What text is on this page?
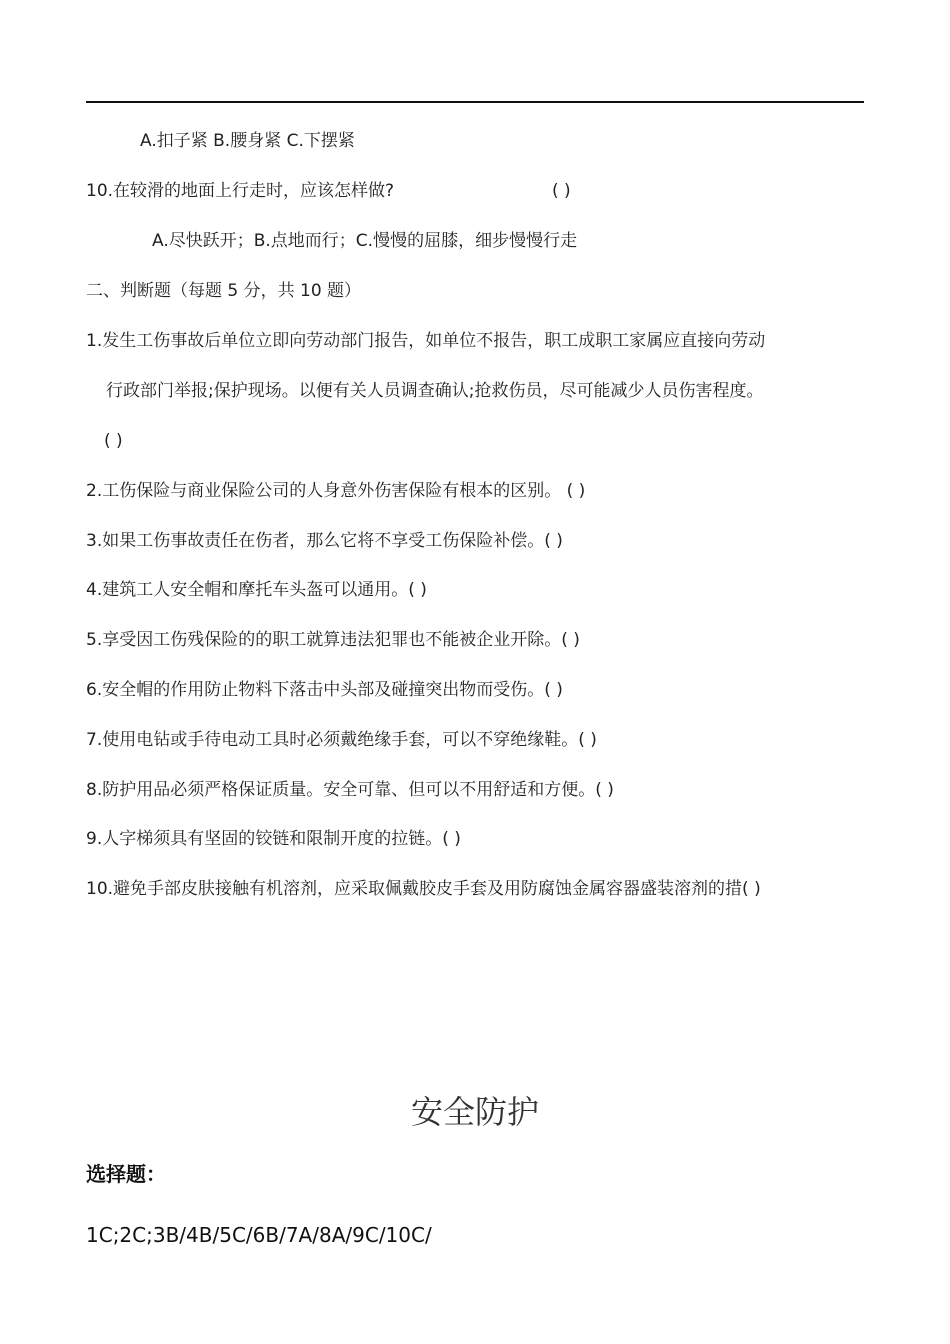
A.扣子紧 B.腰身紧 C.下摆紧
10.在较滑的地面上行走时，应该怎样做?	( )
A.尽快跃开；B.点地而行；C.慢慢的屈膝，细步慢慢行走
二、判断题（每题 5 分，共 10 题）
1.发生工伤事故后单位立即向劳动部门报告，如单位不报告，职工成职工家属应直接向劳动
行政部门举报;保护现场。以便有关人员调查确认;抢救伤员，尽可能减少人员伤害程度。
( )
2.工伤保险与商业保险公司的人身意外伤害保险有根本的区别。 ( )
3.如果工伤事故责任在伤者，那么它将不享受工伤保险补偿。( )
4.建筑工人安全帽和摩托车头盔可以通用。( )
5.享受因工伤残保险的的职工就算违法犯罪也不能被企业开除。( )
6.安全帽的作用防止物料下落击中头部及碰撞突出物而受伤。( )
7.使用电钻或手待电动工具时必须戴绝缘手套，可以不穿绝缘鞋。( )
8.防护用品必须严格保证质量。安全可靠、但可以不用舒适和方便。( )
9.人字梯须具有坚固的铰链和限制开度的拉链。( )
10.避免手部皮肤接触有机溶剂，应采取佩戴胶皮手套及用防腐蚀金属容器盛装溶剂的措( )
安全防护
选择题：
1C;2C;3B/4B/5C/6B/7A/8A/9C/10C/
